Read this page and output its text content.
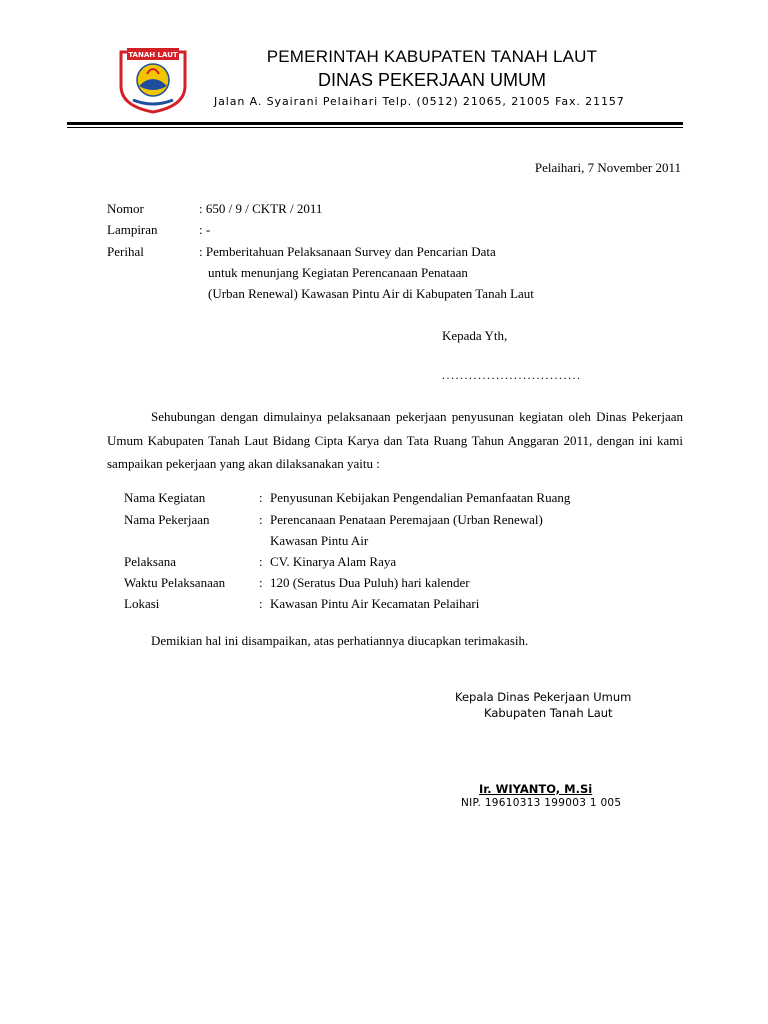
TANAH LAUT	PEMERINTAH KABUPATEN TANAH LAUT
DINAS PEKERJAAN UMUM
Jalan A. Syairani Pelaihari Telp. (0512) 21065, 21005 Fax. 21157
Pelaihari, 7 November 2011
Nomor	: 650 / 9 / CKTR / 2011
Lampiran	: -
Perihal	: Pemberitahuan Pelaksanaan Survey dan Pencarian Data
untuk menunjang Kegiatan Perencanaan Penataan
(Urban Renewal) Kawasan Pintu Air di Kabupaten Tanah Laut
Kepada Yth,
...............................
Sehubungan dengan dimulainya pelaksanaan pekerjaan penyusunan kegiatan oleh Dinas Pekerjaan Umum Kabupaten Tanah Laut Bidang Cipta Karya dan Tata Ruang Tahun Anggaran 2011, dengan ini kami sampaikan pekerjaan yang akan dilaksanakan yaitu :
Nama Kegiatan	: Penyusunan Kebijakan Pengendalian Pemanfaatan Ruang
Nama Pekerjaan	: Perencanaan Penataan Peremajaan (Urban Renewal)
Kawasan Pintu Air
Pelaksana	: CV. Kinarya Alam Raya
Waktu Pelaksanaan	: 120 (Seratus Dua Puluh) hari kalender
Lokasi	: Kawasan Pintu Air Kecamatan Pelaihari
Demikian hal ini disampaikan, atas perhatiannya diucapkan terimakasih.
Kepala Dinas Pekerjaan Umum
Kabupaten Tanah Laut
Ir. WIYANTO, M.Si
NIP. 19610313 199003 1 005
